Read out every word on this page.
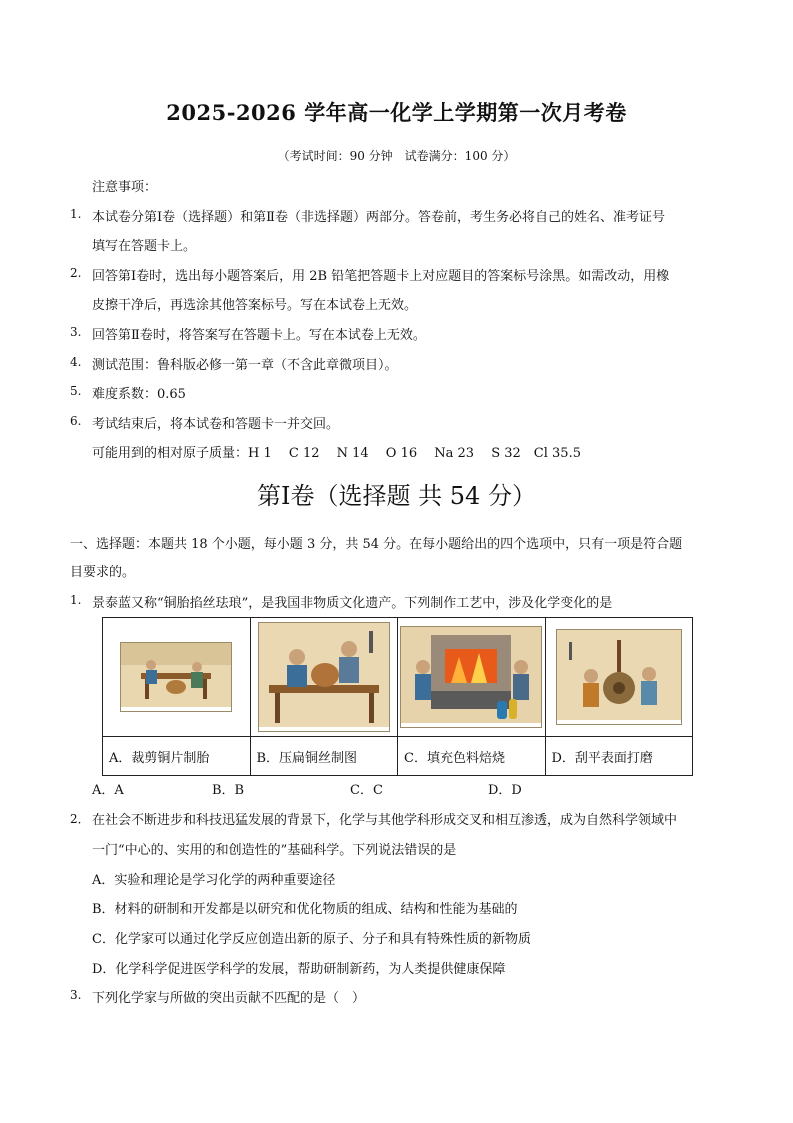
2025-2026 学年高一化学上学期第一次月考卷
（考试时间：90 分钟　试卷满分：100 分）
注意事项：
1. 本试卷分第Ⅰ卷（选择题）和第Ⅱ卷（非选择题）两部分。答卷前，考生务必将自己的姓名、准考证号
填写在答题卡上。
2. 回答第Ⅰ卷时，选出每小题答案后，用 2B 铅笔把答题卡上对应题目的答案标号涂黑。如需改动，用橡
皮擦干净后，再选涂其他答案标号。写在本试卷上无效。
3. 回答第Ⅱ卷时，将答案写在答题卡上。写在本试卷上无效。
4. 测试范围：鲁科版必修一第一章（不含此章微项目）。
5. 难度系数：0.65
6. 考试结束后，将本试卷和答题卡一并交回。
可能用到的相对原子质量：H 1　 C 12　 N 14　 O 16　 Na 23　 S 32　Cl 35.5
第Ⅰ卷（选择题 共 54 分）
一、选择题：本题共 18 个小题，每小题 3 分，共 54 分。在每小题给出的四个选项中，只有一项是符合题
目要求的。
1. 景泰蓝又称“铜胎掐丝珐琅”，是我国非物质文化遗产。下列制作工艺中，涉及化学变化的是

A．裁剪铜片制胎	B．压扁铜丝制图	C．填充色料焙烧	D．刮平表面打磨
A．A	B．B	C．C	D．D
2． 在社会不断进步和科技迅猛发展的背景下，化学与其他学科形成交叉和相互渗透，成为自然科学领域中
一门“中心的、实用的和创造性的”基础科学。下列说法错误的是
A．实验和理论是学习化学的两种重要途径
B．材料的研制和开发都是以研究和优化物质的组成、结构和性能为基础的
C．化学家可以通过化学反应创造出新的原子、分子和具有特殊性质的新物质
D．化学科学促进医学科学的发展，帮助研制新药，为人类提供健康保障
3. 下列化学家与所做的突出贡献不匹配的是（　）
